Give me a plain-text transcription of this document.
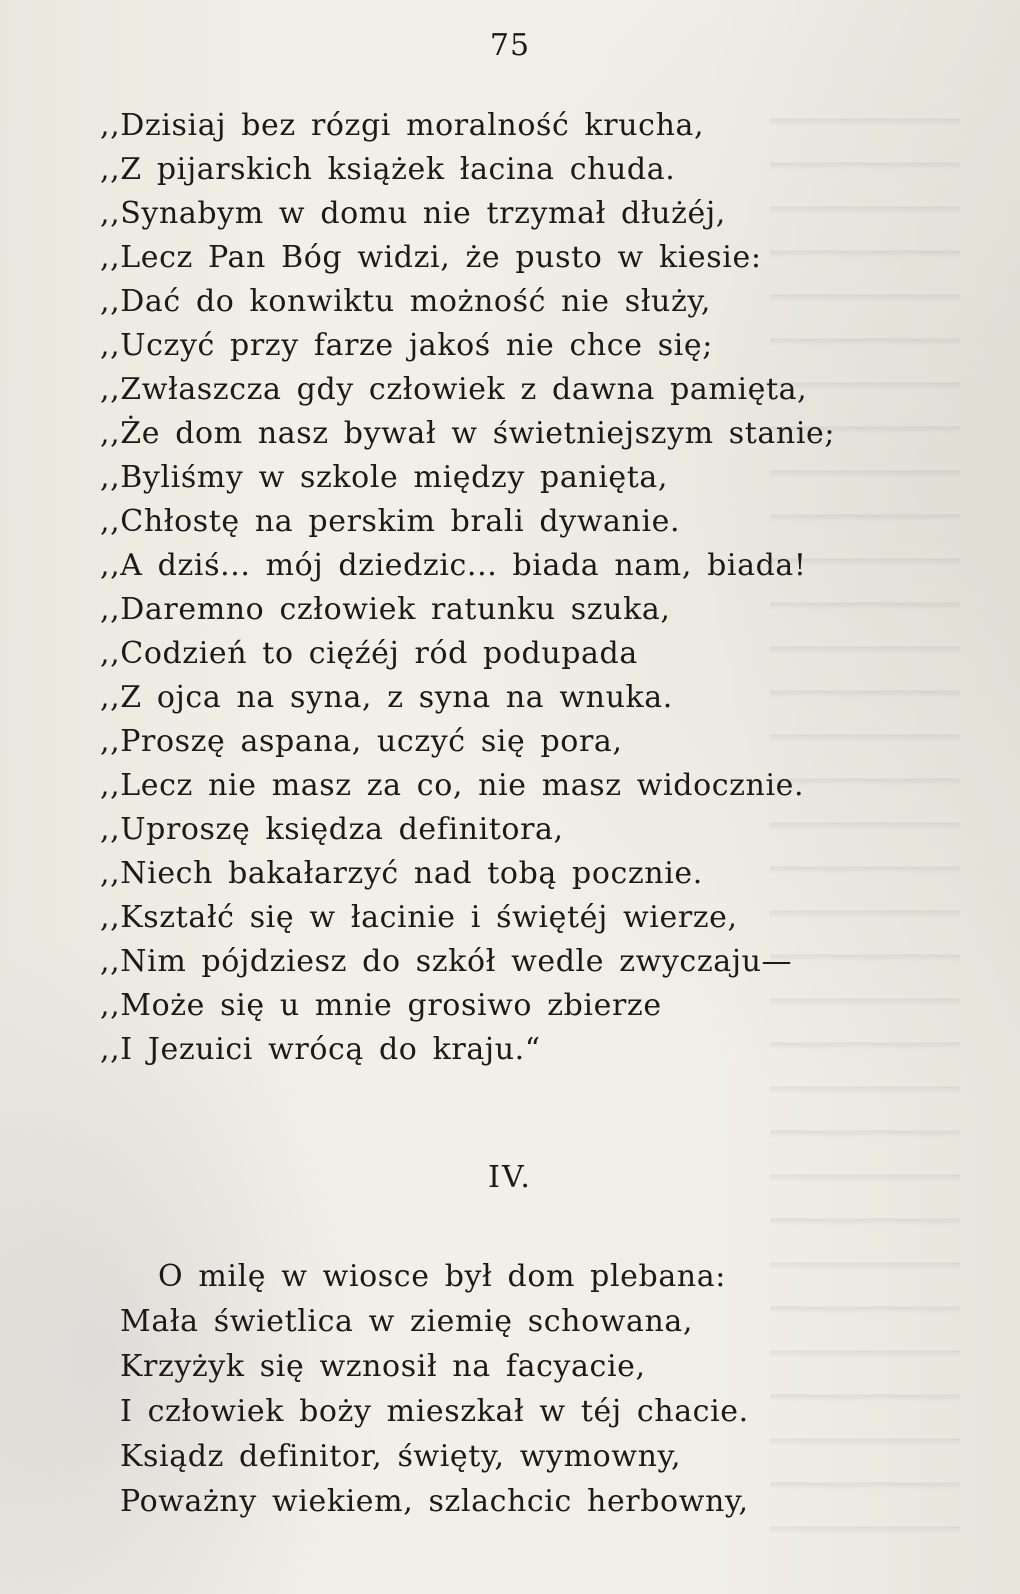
75
,,Dzisiaj bez rózgi moralność krucha,
,,Z pijarskich książek łacina chuda.
,,Synabym w domu nie trzymał dłużéj,
,,Lecz Pan Bóg widzi, że pusto w kiesie:
,,Dać do konwiktu możność nie służy,
,,Uczyć przy farze jakoś nie chce się;
,,Zwłaszcza gdy człowiek z dawna pamięta,
,,Że dom nasz bywał w świetniejszym stanie;
,,Byliśmy w szkole między panięta,
,,Chłostę na perskim brali dywanie.
,,A dziś... mój dziedzic... biada nam, biada!
,,Daremno człowiek ratunku szuka,
,,Codzień to cięźéj ród podupada
,,Z ojca na syna, z syna na wnuka.
,,Proszę aspana, uczyć się pora,
,,Lecz nie masz za co, nie masz widocznie.
,,Uproszę księdza definitora,
,,Niech bakałarzyć nad tobą pocznie.
,,Kształć się w łacinie i świętéj wierze,
,,Nim pójdziesz do szkół wedle zwyczaju—
,,Może się u mnie grosiwo zbierze
,,I Jezuici wrócą do kraju.“
IV.
O milę w wiosce był dom plebana:
Mała świetlica w ziemię schowana,
Krzyżyk się wznosił na facyacie,
I człowiek boży mieszkał w téj chacie.
Ksiądz definitor, święty, wymowny,
Poważny wiekiem, szlachcic herbowny,
